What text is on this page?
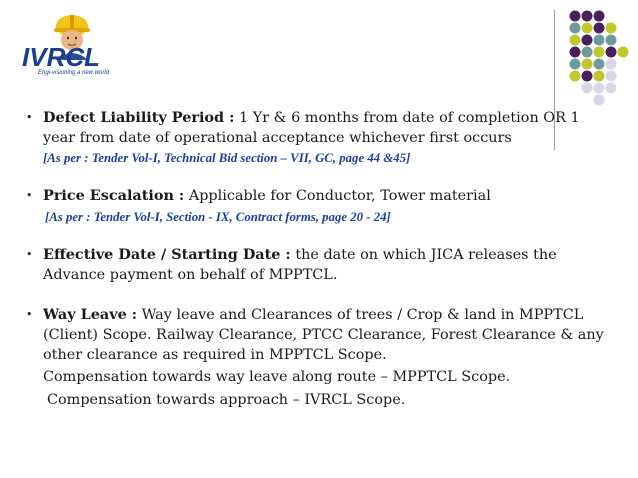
IVRCL
Engi-visioning a new world
• Defect Liability Period : 1 Yr & 6 months from date of completion OR 1 year from date of operational acceptance whichever first occurs
[As per : Tender Vol-I, Technical Bid section – VII, GC, page 44 &45]
• Price Escalation : Applicable for Conductor, Tower material
[As per : Tender Vol-I, Section - IX, Contract forms, page 20 - 24]
• Effective Date / Starting Date : the date on which JICA releases the Advance payment on behalf of MPPTCL.
• Way Leave : Way leave and Clearances of trees / Crop & land in MPPTCL (Client) Scope. Railway Clearance, PTCC Clearance, Forest Clearance & any other clearance as required in MPPTCL Scope.
Compensation towards way leave along route – MPPTCL Scope.
Compensation towards approach – IVRCL Scope.
